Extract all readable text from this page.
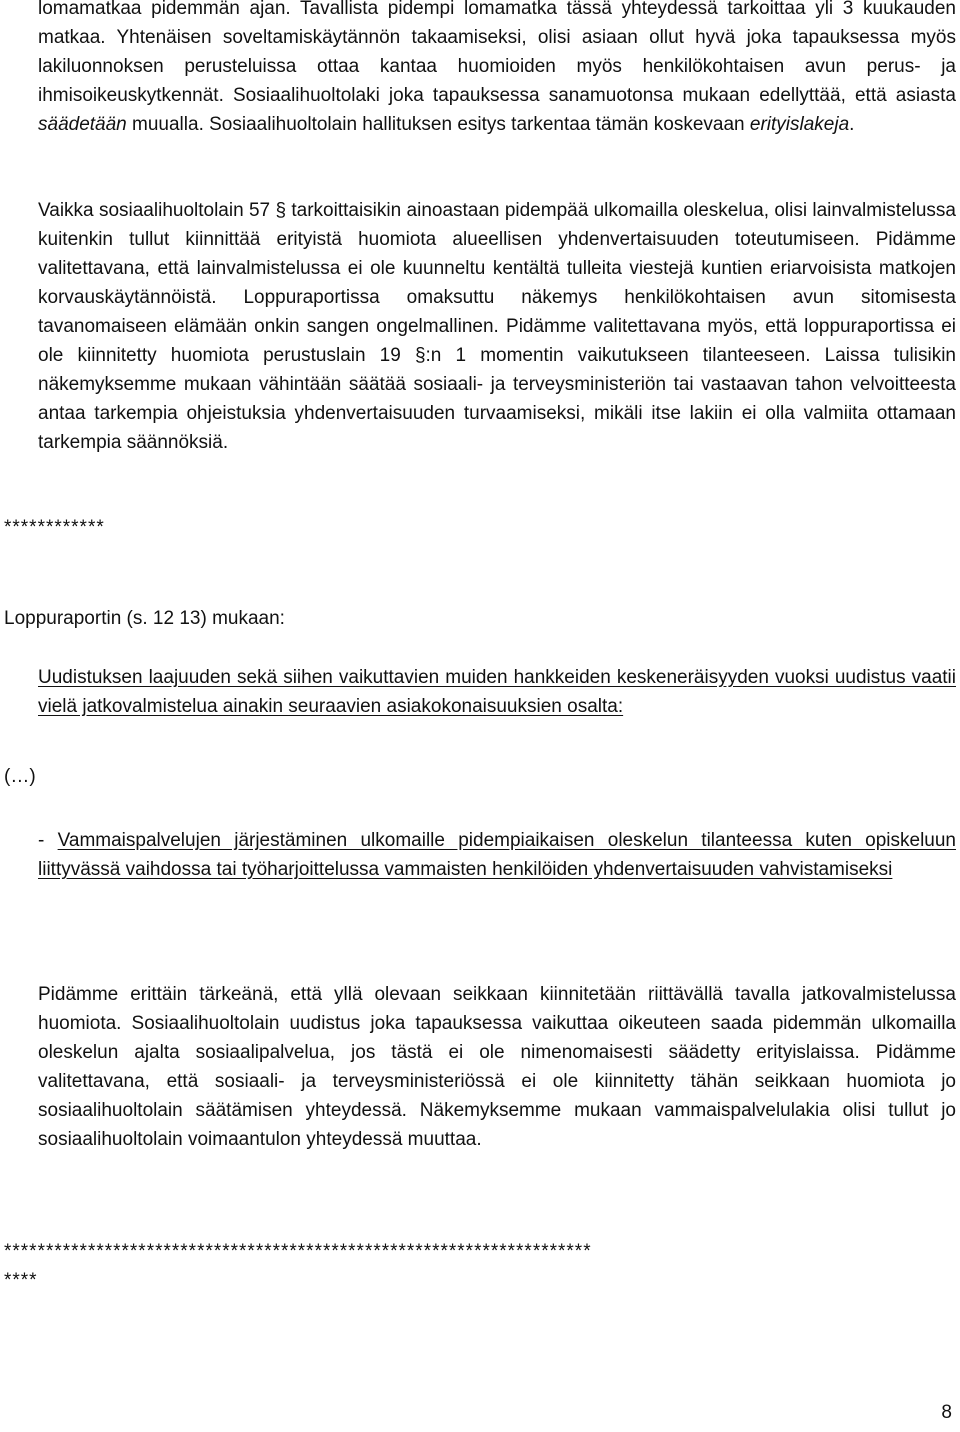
lomamatkaa pidemmän ajan. Tavallista pidempi lomamatka tässä yhteydessä tarkoittaa yli 3 kuukauden matkaa. Yhtenäisen soveltamiskäytännön takaamiseksi, olisi asiaan ollut hyvä joka tapauksessa myös lakiluonnoksen perusteluissa ottaa kantaa huomioiden myös henkilökohtaisen avun perus- ja ihmisoikeuskytkennät. Sosiaalihuoltolaki joka tapauksessa sanamuotonsa mukaan edellyttää, että asiasta säädetään muualla. Sosiaalihuoltolain hallituksen esitys tarkentaa tämän koskevaan erityislakeja.

Vaikka sosiaalihuoltolain 57 § tarkoittaisikin ainoastaan pidempää ulkomailla oleskelua, olisi lainvalmistelussa kuitenkin tullut kiinnittää erityistä huomiota alueellisen yhdenvertaisuuden toteutumiseen. Pidämme valitettavana, että lainvalmistelussa ei ole kuunneltu kentältä tulleita viestejä kuntien eriarvoisista matkojen korvauskäytännöistä. Loppuraportissa omaksuttu näkemys henkilökohtaisen avun sitomisesta tavanomaiseen elämään onkin sangen ongelmallinen. Pidämme valitettavana myös, että loppuraportissa ei ole kiinnitetty huomiota perustuslain 19 §:n 1 momentin vaikutukseen tilanteeseen. Laissa tulisikin näkemyksemme mukaan vähintään säätää sosiaali- ja terveysministeriön tai vastaavan tahon velvoitteesta antaa tarkempia ohjeistuksia yhdenvertaisuuden turvaamiseksi, mikäli itse lakiin ei olla valmiita ottamaan tarkempia säännöksiä.

************

Loppuraportin (s. 12 13) mukaan:

Uudistuksen laajuuden sekä siihen vaikuttavien muiden hankkeiden keskeneräisyyden vuoksi uudistus vaatii vielä jatkovalmistelua ainakin seuraavien asiakokonaisuuksien osalta:

(…)

- Vammaispalvelujen järjestäminen ulkomaille pidempiaikaisen oleskelun tilanteessa kuten opiskeluun liittyvässä vaihdossa tai työharjoittelussa vammaisten henkilöiden yhdenvertaisuuden vahvistamiseksi

Pidämme erittäin tärkeänä, että yllä olevaan seikkaan kiinnitetään riittävällä tavalla jatkovalmistelussa huomiota. Sosiaalihuoltolain uudistus joka tapauksessa vaikuttaa oikeuteen saada pidemmän ulkomailla oleskelun ajalta sosiaalipalvelua, jos tästä ei ole nimenomaisesti säädetty erityislaissa. Pidämme valitettavana, että sosiaali- ja terveysministeriössä ei ole kiinnitetty tähän seikkaan huomiota jo sosiaalihuoltolain säätämisen yhteydessä. Näkemyksemme mukaan vammaispalvelulakia olisi tullut jo sosiaalihuoltolain voimaantulon yhteydessä muuttaa.

**********************************************************************
****

8
